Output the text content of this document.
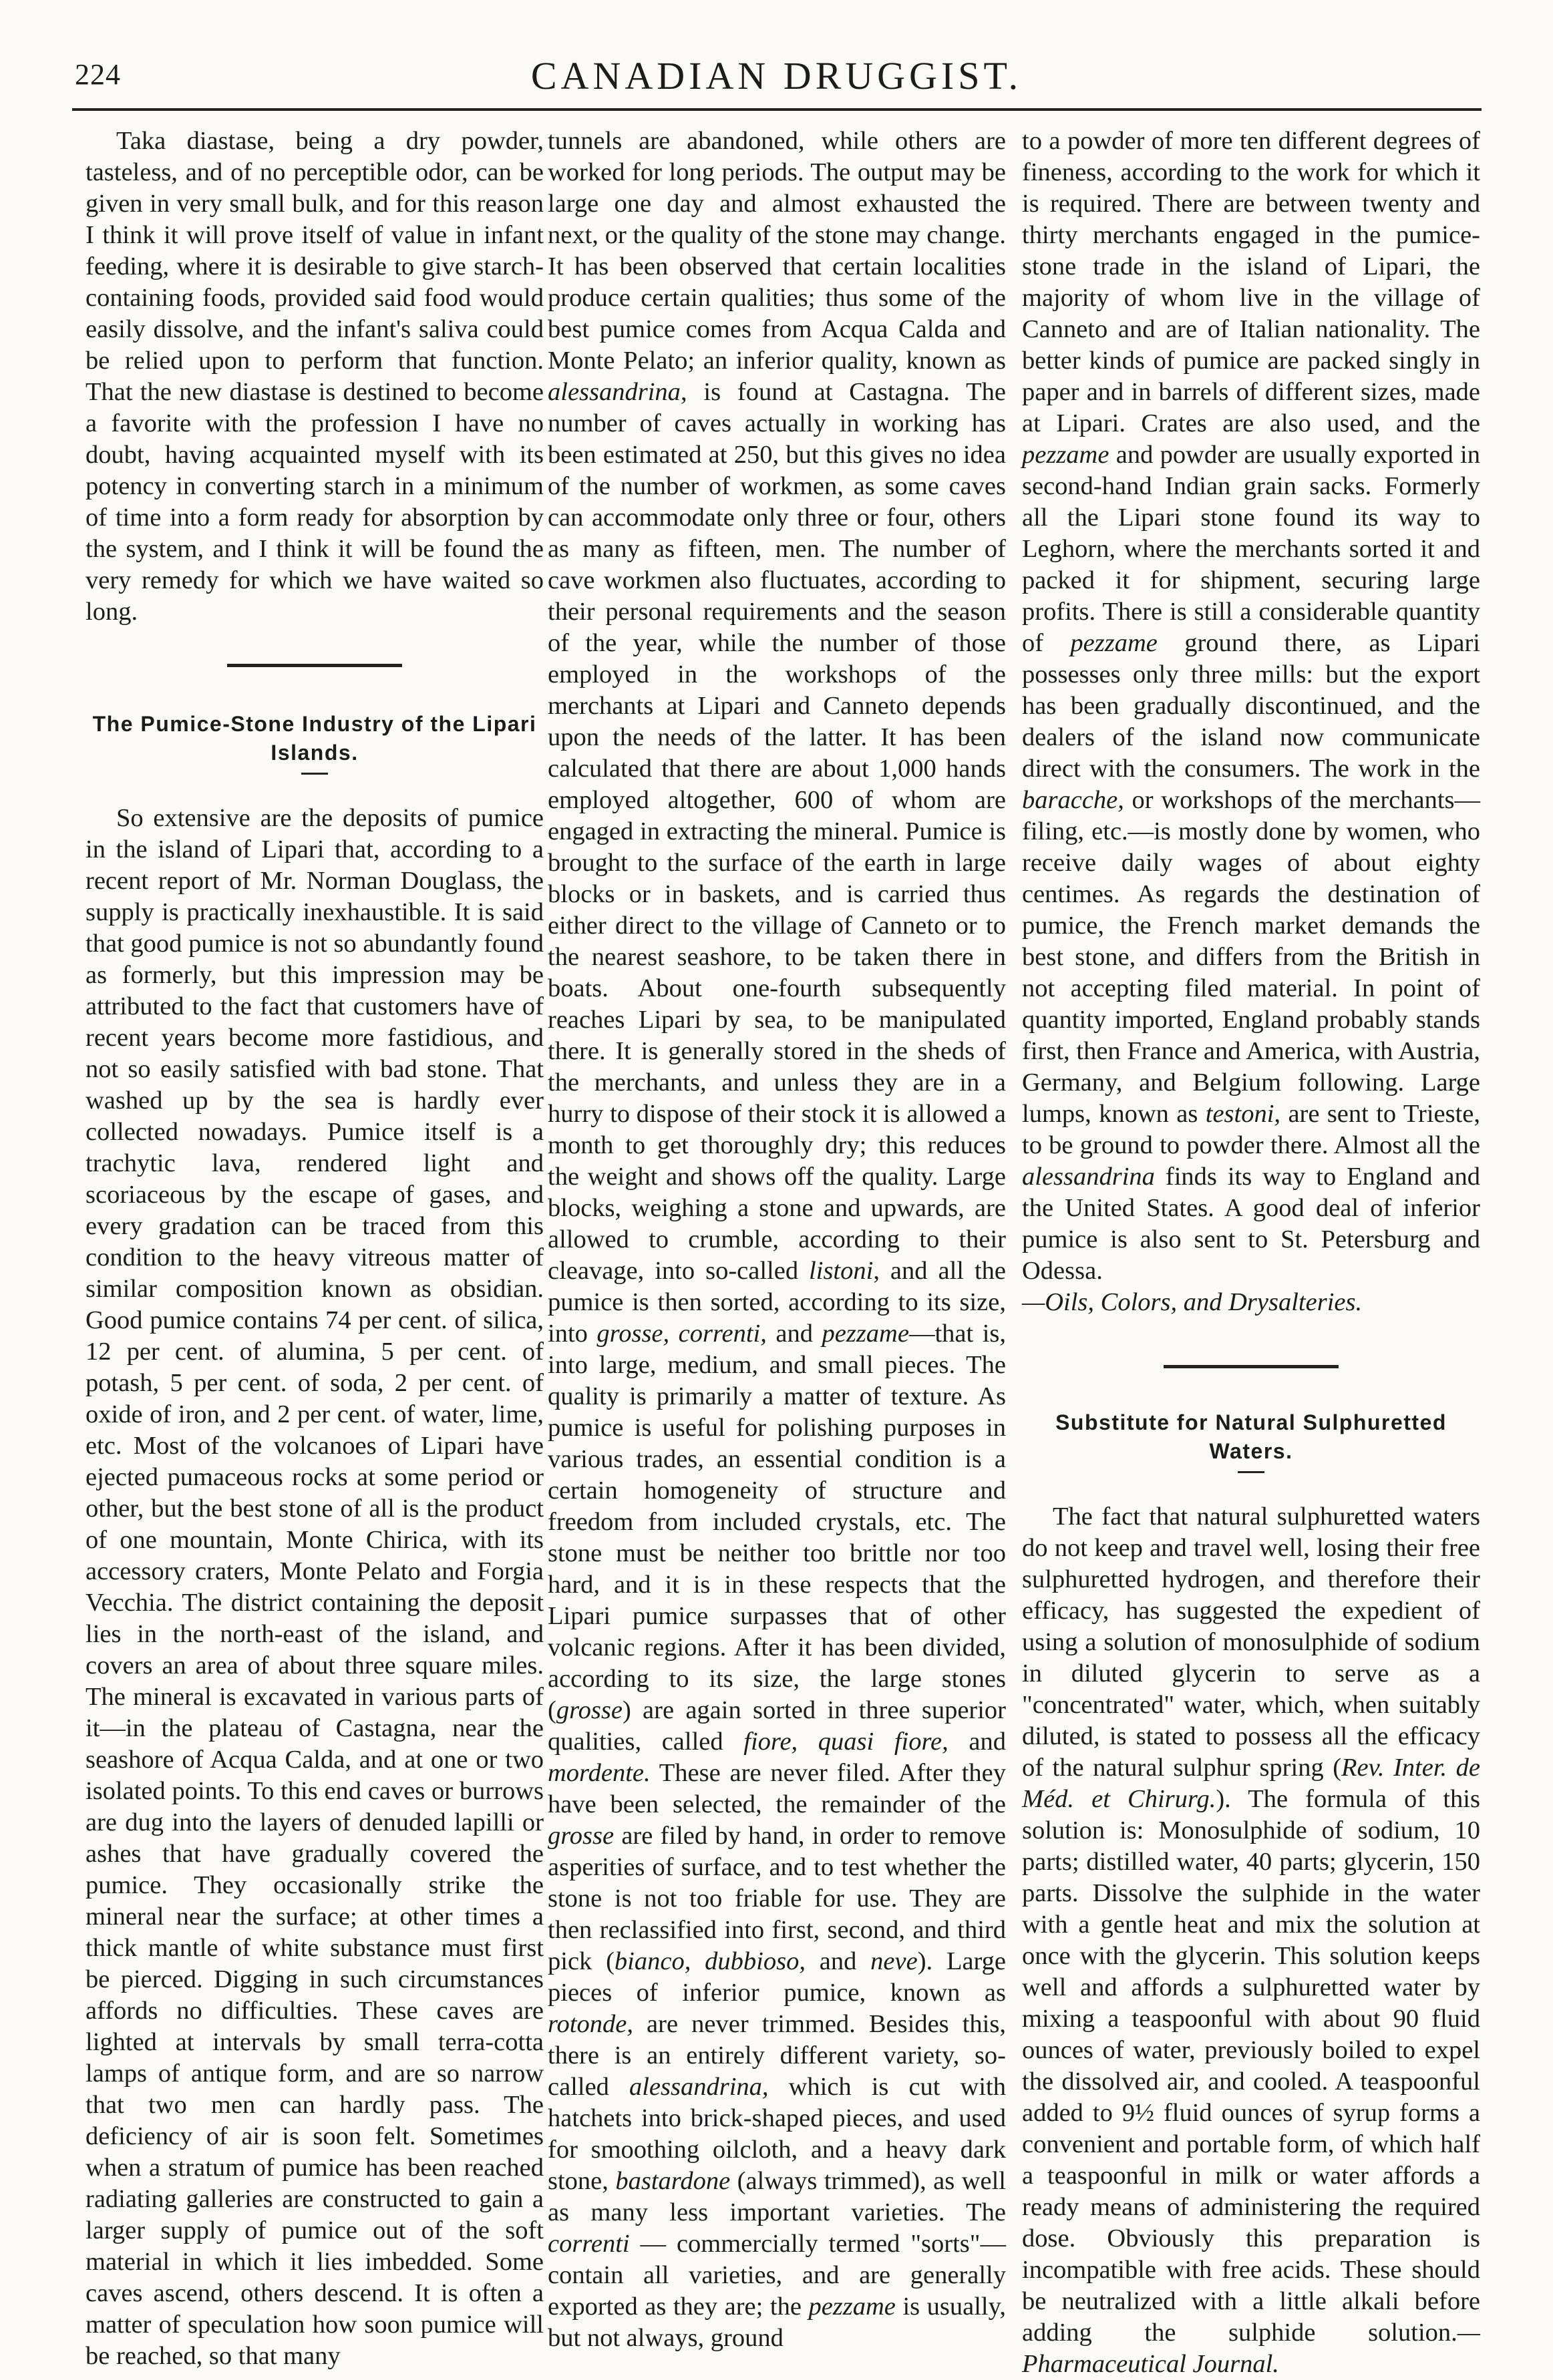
224	CANADIAN DRUGGIST.

Taka diastase, being a dry powder, tasteless, and of no perceptible odor, can be given in very small bulk, and for this reason I think it will prove itself of value in infant feeding, where it is desirable to give starch-containing foods, provided said food would easily dissolve, and the infant's saliva could be relied upon to perform that function. That the new diastase is destined to become a favorite with the profession I have no doubt, having acquainted myself with its potency in converting starch in a minimum of time into a form ready for absorption by the system, and I think it will be found the very remedy for which we have waited so long.

The Pumice-Stone Industry of the Lipari Islands.

So extensive are the deposits of pumice in the island of Lipari that, according to a recent report of Mr. Norman Douglass, the supply is practically inexhaustible. It is said that good pumice is not so abundantly found as formerly, but this impression may be attributed to the fact that customers have of recent years become more fastidious, and not so easily satisfied with bad stone. That washed up by the sea is hardly ever collected nowadays. Pumice itself is a trachytic lava, rendered light and scoriaceous by the escape of gases, and every gradation can be traced from this condition to the heavy vitreous matter of similar composition known as obsidian. Good pumice contains 74 per cent. of silica, 12 per cent. of alumina, 5 per cent. of potash, 5 per cent. of soda, 2 per cent. of oxide of iron, and 2 per cent. of water, lime, etc. Most of the volcanoes of Lipari have ejected pumaceous rocks at some period or other, but the best stone of all is the product of one mountain, Monte Chirica, with its accessory craters, Monte Pelato and Forgia Vecchia. The district containing the deposit lies in the north-east of the island, and covers an area of about three square miles. The mineral is excavated in various parts of it—in the plateau of Castagna, near the seashore of Acqua Calda, and at one or two isolated points. To this end caves or burrows are dug into the layers of denuded lapilli or ashes that have gradually covered the pumice. They occasionally strike the mineral near the surface; at other times a thick mantle of white substance must first be pierced. Digging in such circumstances affords no difficulties. These caves are lighted at intervals by small terra-cotta lamps of antique form, and are so narrow that two men can hardly pass. The deficiency of air is soon felt. Sometimes when a stratum of pumice has been reached radiating galleries are constructed to gain a larger supply of pumice out of the soft material in which it lies imbedded. Some caves ascend, others descend. It is often a matter of speculation how soon pumice will be reached, so that many

tunnels are abandoned, while others are worked for long periods. The output may be large one day and almost exhausted the next, or the quality of the stone may change. It has been observed that certain localities produce certain qualities; thus some of the best pumice comes from Acqua Calda and Monte Pelato; an inferior quality, known as alessandrina, is found at Castagna. The number of caves actually in working has been estimated at 250, but this gives no idea of the number of workmen, as some caves can accommodate only three or four, others as many as fifteen, men. The number of cave workmen also fluctuates, according to their personal requirements and the season of the year, while the number of those employed in the workshops of the merchants at Lipari and Canneto depends upon the needs of the latter. It has been calculated that there are about 1,000 hands employed altogether, 600 of whom are engaged in extracting the mineral. Pumice is brought to the surface of the earth in large blocks or in baskets, and is carried thus either direct to the village of Canneto or to the nearest seashore, to be taken there in boats. About one-fourth subsequently reaches Lipari by sea, to be manipulated there. It is generally stored in the sheds of the merchants, and unless they are in a hurry to dispose of their stock it is allowed a month to get thoroughly dry; this reduces the weight and shows off the quality. Large blocks, weighing a stone and upwards, are allowed to crumble, according to their cleavage, into so-called listoni, and all the pumice is then sorted, according to its size, into grosse, correnti, and pezzame—that is, into large, medium, and small pieces. The quality is primarily a matter of texture. As pumice is useful for polishing purposes in various trades, an essential condition is a certain homogeneity of structure and freedom from included crystals, etc. The stone must be neither too brittle nor too hard, and it is in these respects that the Lipari pumice surpasses that of other volcanic regions. After it has been divided, according to its size, the large stones (grosse) are again sorted in three superior qualities, called fiore, quasi fiore, and mordente. These are never filed. After they have been selected, the remainder of the grosse are filed by hand, in order to remove asperities of surface, and to test whether the stone is not too friable for use. They are then reclassified into first, second, and third pick (bianco, dubbioso, and neve). Large pieces of inferior pumice, known as rotonde, are never trimmed. Besides this, there is an entirely different variety, so-called alessandrina, which is cut with hatchets into brick-shaped pieces, and used for smoothing oilcloth, and a heavy dark stone, bastardone (always trimmed), as well as many less important varieties. The correnti — commercially termed "sorts"—contain all varieties, and are generally exported as they are; the pezzame is usually, but not always, ground

to a powder of more ten different degrees of fineness, according to the work for which it is required. There are between twenty and thirty merchants engaged in the pumice-stone trade in the island of Lipari, the majority of whom live in the village of Canneto and are of Italian nationality. The better kinds of pumice are packed singly in paper and in barrels of different sizes, made at Lipari. Crates are also used, and the pezzame and powder are usually exported in second-hand Indian grain sacks. Formerly all the Lipari stone found its way to Leghorn, where the merchants sorted it and packed it for shipment, securing large profits. There is still a considerable quantity of pezzame ground there, as Lipari possesses only three mills: but the export has been gradually discontinued, and the dealers of the island now communicate direct with the consumers. The work in the baracche, or workshops of the merchants—filing, etc.—is mostly done by women, who receive daily wages of about eighty centimes. As regards the destination of pumice, the French market demands the best stone, and differs from the British in not accepting filed material. In point of quantity imported, England probably stands first, then France and America, with Austria, Germany, and Belgium following. Large lumps, known as testoni, are sent to Trieste, to be ground to powder there. Almost all the alessandrina finds its way to England and the United States. A good deal of inferior pumice is also sent to St. Petersburg and Odessa.
—Oils, Colors, and Drysalteries.

Substitute for Natural Sulphuretted Waters.

The fact that natural sulphuretted waters do not keep and travel well, losing their free sulphuretted hydrogen, and therefore their efficacy, has suggested the expedient of using a solution of monosulphide of sodium in diluted glycerin to serve as a "concentrated" water, which, when suitably diluted, is stated to possess all the efficacy of the natural sulphur spring (Rev. Inter. de Méd. et Chirurg.). The formula of this solution is: Monosulphide of sodium, 10 parts; distilled water, 40 parts; glycerin, 150 parts. Dissolve the sulphide in the water with a gentle heat and mix the solution at once with the glycerin. This solution keeps well and affords a sulphuretted water by mixing a teaspoonful with about 90 fluid ounces of water, previously boiled to expel the dissolved air, and cooled. A teaspoonful added to 9½ fluid ounces of syrup forms a convenient and portable form, of which half a teaspoonful in milk or water affords a ready means of administering the required dose. Obviously this preparation is incompatible with free acids. These should be neutralized with a little alkali before adding the sulphide solution.—Pharmaceutical Journal.
